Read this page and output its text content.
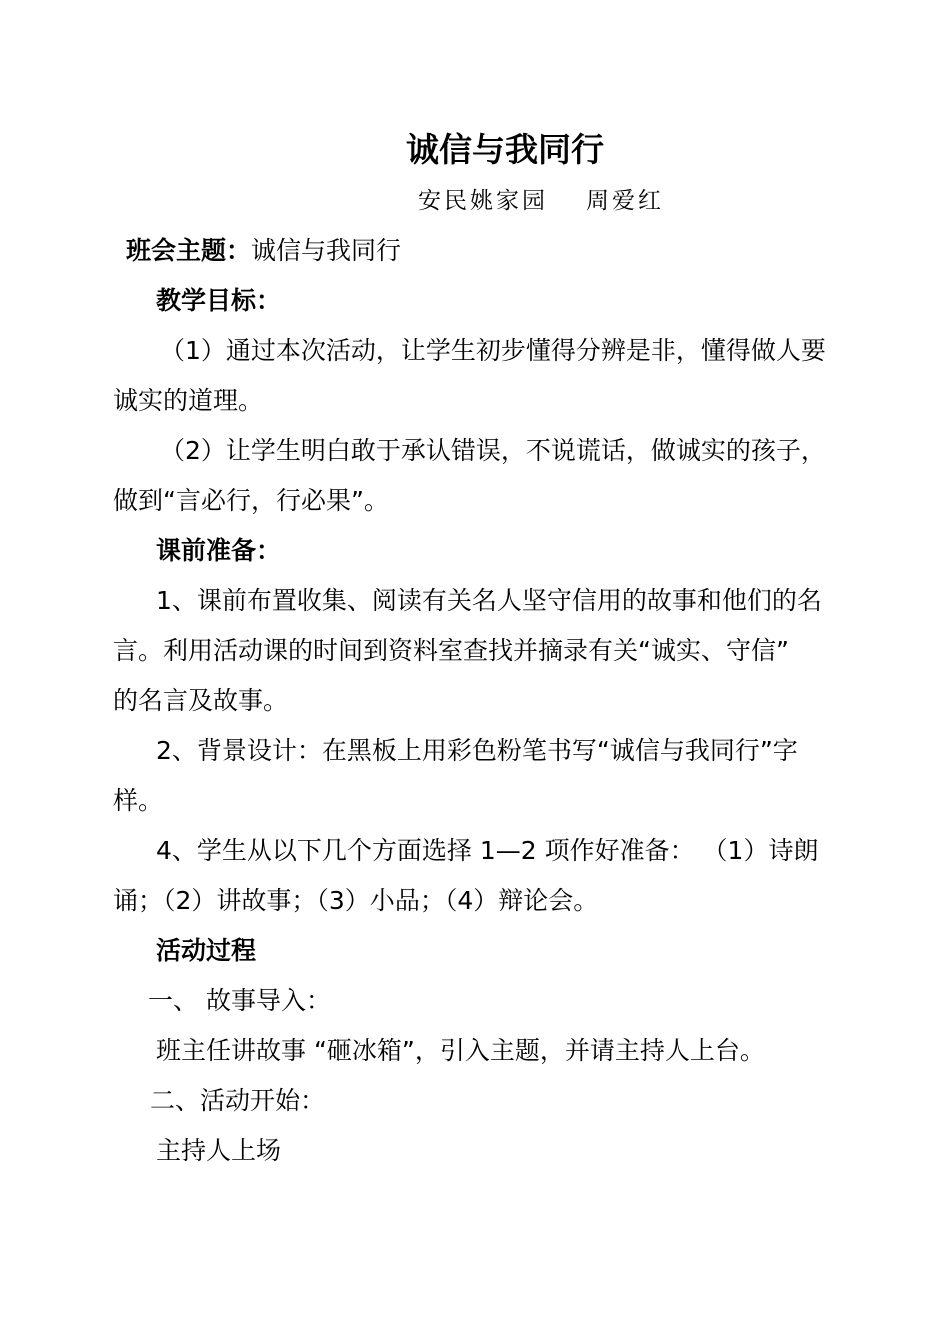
诚信与我同行
安民姚家园 周爱红
班会主题：诚信与我同行
教学目标：
（1）通过本次活动，让学生初步懂得分辨是非，懂得做人要
诚实的道理。
（2）让学生明白敢于承认错误，不说谎话，做诚实的孩子，
做到“言必行，行必果”。
课前准备：
1、课前布置收集、阅读有关名人坚守信用的故事和他们的名
言。利用活动课的时间到资料室查找并摘录有关“诚实、守信”
的名言及故事。
2、背景设计：在黑板上用彩色粉笔书写“诚信与我同行”字
样。
4、学生从以下几个方面选择 1—2 项作好准备： （1）诗朗
诵；（2）讲故事；（3）小品；（4）辩论会。
活动过程
一、 故事导入：
班主任讲故事 “砸冰箱”，引入主题，并请主持人上台。
二、活动开始：
主持人上场
